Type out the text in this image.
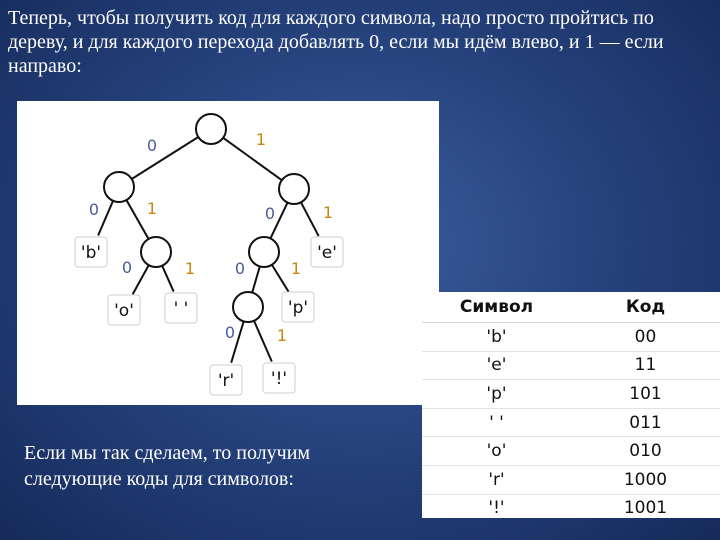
Теперь, чтобы получить код для каждого символа, надо просто пройтись по дереву, и для каждого перехода добавлять 0, если мы идём влево, и 1 — если направо:

0	1
0	1	0	1
0	1 0	1
0	1
'b'	'e'
'o' ' '	'p'
'r' '!'

Если мы так сделаем, то получим следующие коды для символов:

Символ	Код
'b'	00
'e'	11
'p'	101
' '	011
'o'	010
'r'	1000
'!'	1001
